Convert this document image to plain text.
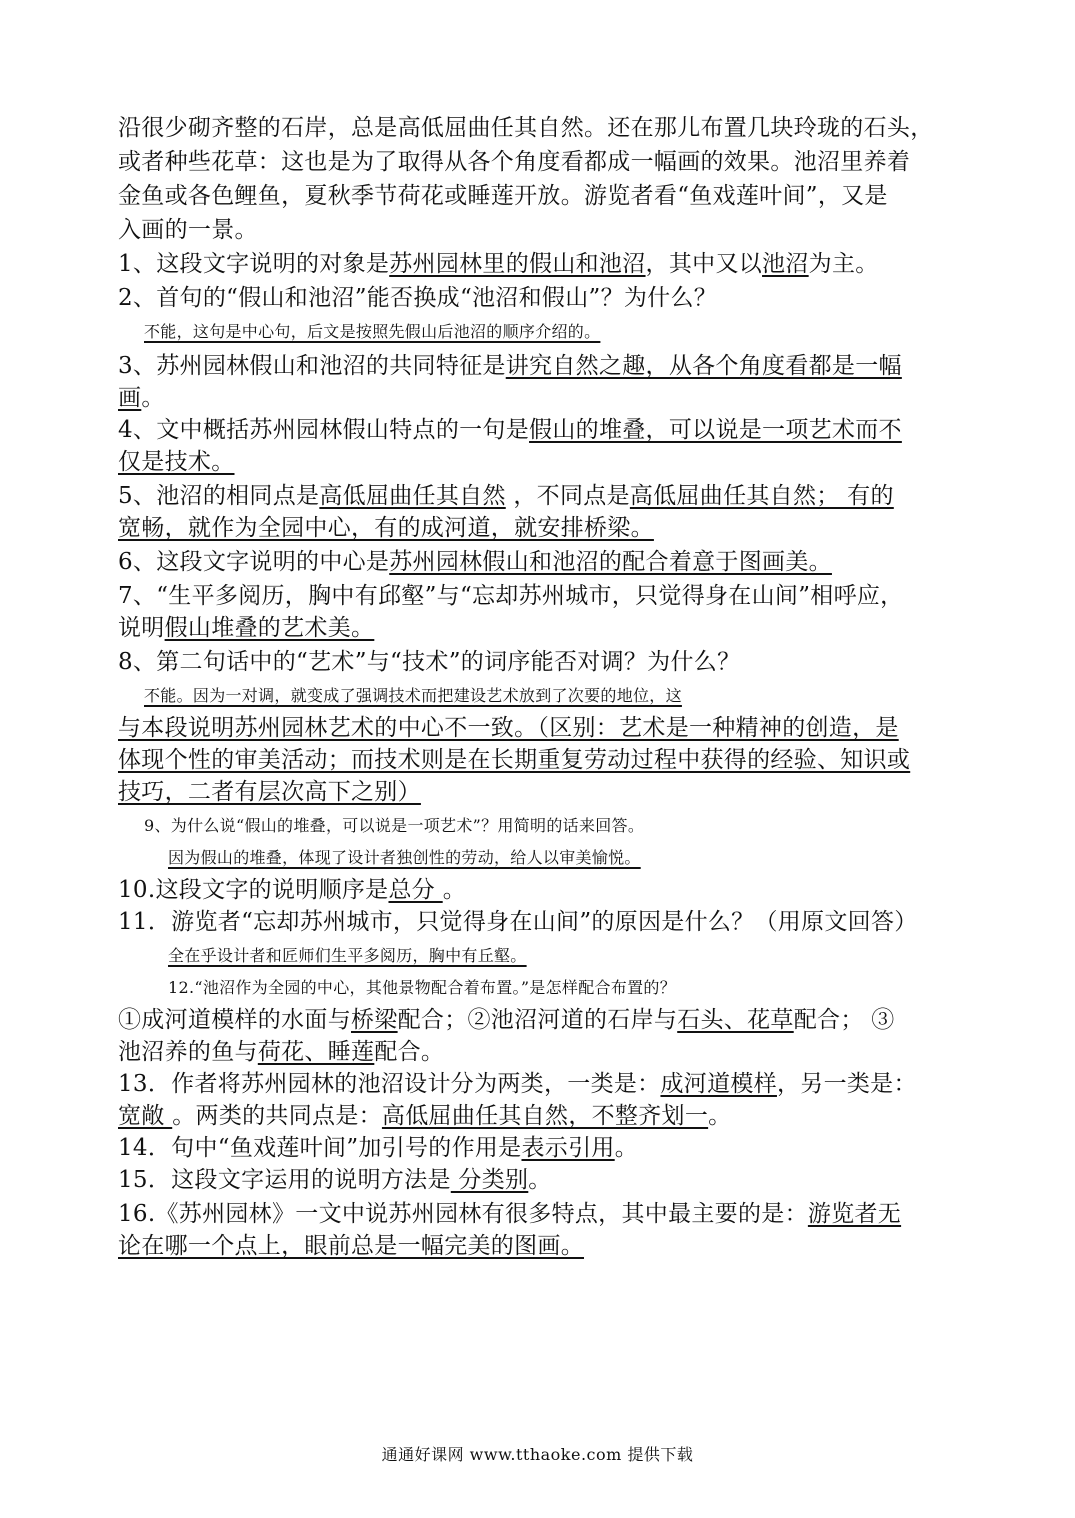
沿很少砌齐整的石岸，总是高低屈曲任其自然。还在那儿布置几块玲珑的石头，
或者种些花草：这也是为了取得从各个角度看都成一幅画的效果。池沼里养着
金鱼或各色鲤鱼，夏秋季节荷花或睡莲开放。游览者看“鱼戏莲叶间”，又是
入画的一景。
1、这段文字说明的对象是苏州园林里的假山和池沼，其中又以池沼为主。
2、首句的“假山和池沼”能否换成“池沼和假山”？为什么？
不能，这句是中心句，后文是按照先假山后池沼的顺序介绍的。
3、苏州园林假山和池沼的共同特征是讲究自然之趣，从各个角度看都是一幅
画。
4、文中概括苏州园林假山特点的一句是假山的堆叠，可以说是一项艺术而不
仅是技术。
5、池沼的相同点是高低屈曲任其自然 ，不同点是高低屈曲任其自然； 有的
宽畅，就作为全园中心，有的成河道，就安排桥梁。
6、这段文字说明的中心是苏州园林假山和池沼的配合着意于图画美。
7、“生平多阅历，胸中有邱壑”与“忘却苏州城市，只觉得身在山间”相呼应，
说明假山堆叠的艺术美。
8、第二句话中的“艺术”与“技术”的词序能否对调？为什么？
不能。因为一对调，就变成了强调技术而把建设艺术放到了次要的地位，这
与本段说明苏州园林艺术的中心不一致。（区别：艺术是一种精神的创造，是
体现个性的审美活动；而技术则是在长期重复劳动过程中获得的经验、知识或
技巧，二者有层次高下之别）
9、为什么说“假山的堆叠，可以说是一项艺术”？用简明的话来回答。
因为假山的堆叠，体现了设计者独创性的劳动，给人以审美愉悦。
10.这段文字的说明顺序是总分 。
11．游览者“忘却苏州城市，只觉得身在山间”的原因是什么？（用原文回答）
全在乎设计者和匠师们生平多阅历，胸中有丘壑。
12.“池沼作为全园的中心，其他景物配合着布置。”是怎样配合布置的？
①成河道模样的水面与桥梁配合；②池沼河道的石岸与石头、花草配合； ③
池沼养的鱼与荷花、睡莲配合。
13．作者将苏州园林的池沼设计分为两类，一类是：成河道模样，另一类是：
宽敞 。两类的共同点是：高低屈曲任其自然，不整齐划一。
14．句中“鱼戏莲叶间”加引号的作用是表示引用。
15．这段文字运用的说明方法是 分类别。
16.《苏州园林》一文中说苏州园林有很多特点，其中最主要的是：游览者无
论在哪一个点上，眼前总是一幅完美的图画。
通通好课网 www.tthaoke.com 提供下载
